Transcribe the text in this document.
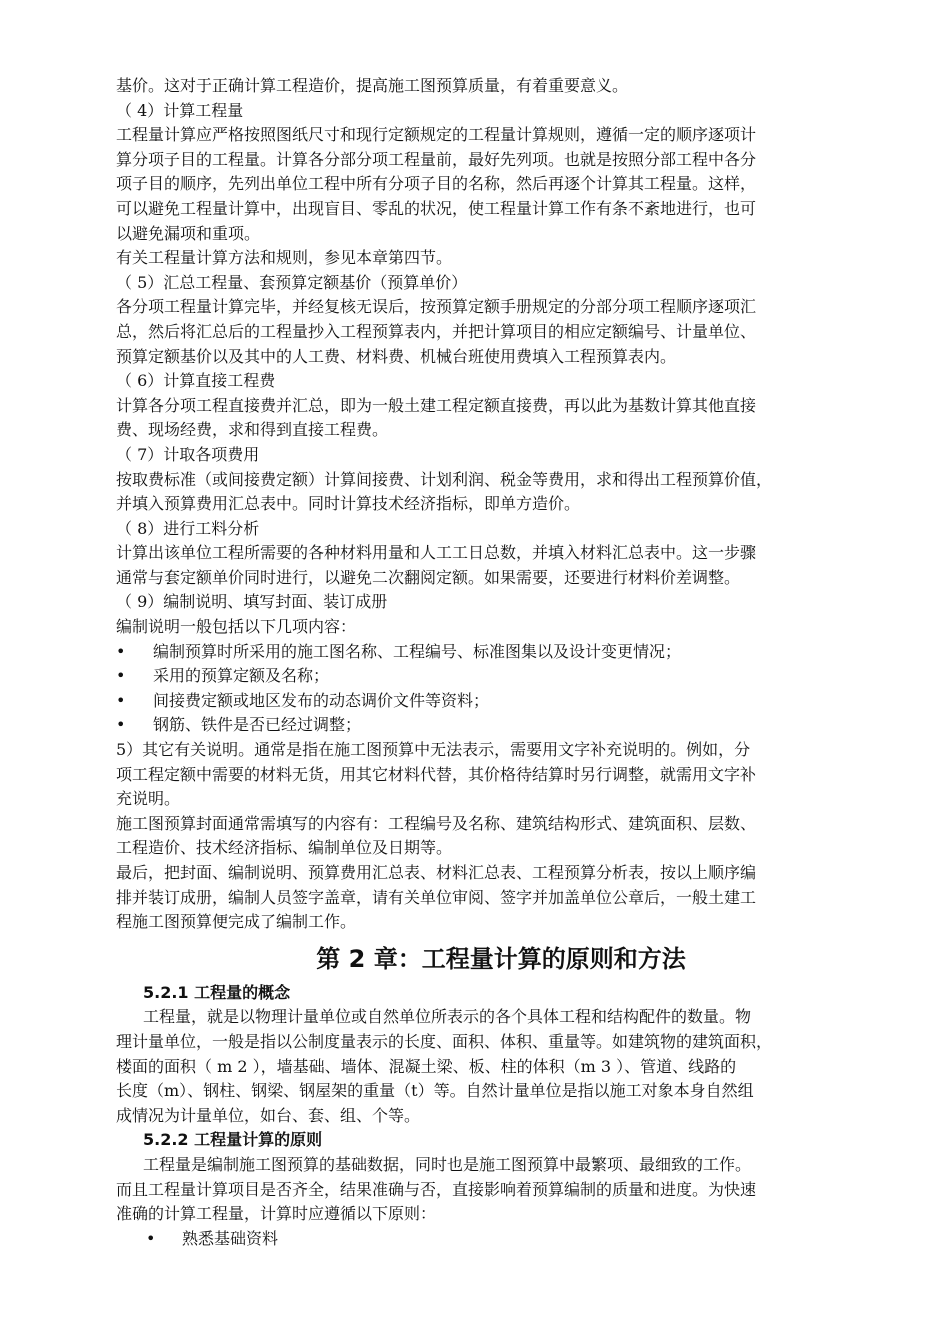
基价。这对于正确计算工程造价，提高施工图预算质量，有着重要意义。
（ 4）计算工程量
工程量计算应严格按照图纸尺寸和现行定额规定的工程量计算规则，遵循一定的顺序逐项计
算分项子目的工程量。计算各分部分项工程量前，最好先列项。也就是按照分部工程中各分
项子目的顺序，先列出单位工程中所有分项子目的名称，然后再逐个计算其工程量。这样，
可以避免工程量计算中，出现盲目、零乱的状况，使工程量计算工作有条不紊地进行，也可
以避免漏项和重项。
有关工程量计算方法和规则，参见本章第四节。
（ 5）汇总工程量、套预算定额基价（预算单价）
各分项工程量计算完毕，并经复核无误后，按预算定额手册规定的分部分项工程顺序逐项汇
总，然后将汇总后的工程量抄入工程预算表内，并把计算项目的相应定额编号、计量单位、
预算定额基价以及其中的人工费、材料费、机械台班使用费填入工程预算表内。
（ 6）计算直接工程费
计算各分项工程直接费并汇总，即为一般土建工程定额直接费，再以此为基数计算其他直接
费、现场经费，求和得到直接工程费。
（ 7）计取各项费用
按取费标准（或间接费定额）计算间接费、计划利润、税金等费用，求和得出工程预算价值，
并填入预算费用汇总表中。同时计算技术经济指标，即单方造价。
（ 8）进行工料分析
计算出该单位工程所需要的各种材料用量和人工工日总数，并填入材料汇总表中。这一步骤
通常与套定额单价同时进行，以避免二次翻阅定额。如果需要，还要进行材料价差调整。
（ 9）编制说明、填写封面、装订成册
编制说明一般包括以下几项内容：
•	编制预算时所采用的施工图名称、工程编号、标准图集以及设计变更情况；
•	采用的预算定额及名称；
•	间接费定额或地区发布的动态调价文件等资料；
•	钢筋、铁件是否已经过调整；
5）其它有关说明。通常是指在施工图预算中无法表示，需要用文字补充说明的。例如，分
项工程定额中需要的材料无货，用其它材料代替，其价格待结算时另行调整，就需用文字补
充说明。
施工图预算封面通常需填写的内容有：工程编号及名称、建筑结构形式、建筑面积、层数、
工程造价、技术经济指标、编制单位及日期等。
最后，把封面、编制说明、预算费用汇总表、材料汇总表、工程预算分析表，按以上顺序编
排并装订成册，编制人员签字盖章，请有关单位审阅、签字并加盖单位公章后，一般土建工
程施工图预算便完成了编制工作。
第 2 章：工程量计算的原则和方法
5.2.1 工程量的概念
工程量，就是以物理计量单位或自然单位所表示的各个具体工程和结构配件的数量。物
理计量单位，一般是指以公制度量表示的长度、面积、体积、重量等。如建筑物的建筑面积，
楼面的面积（ m 2 ），墙基础、墙体、混凝土梁、板、柱的体积（m 3 ）、管道、线路的
长度（m）、钢柱、钢梁、钢屋架的重量（t）等。自然计量单位是指以施工对象本身自然组
成情况为计量单位，如台、套、组、个等。
5.2.2 工程量计算的原则
工程量是编制施工图预算的基础数据，同时也是施工图预算中最繁项、最细致的工作。
而且工程量计算项目是否齐全，结果准确与否，直接影响着预算编制的质量和进度。为快速
准确的计算工程量，计算时应遵循以下原则：
•	熟悉基础资料
